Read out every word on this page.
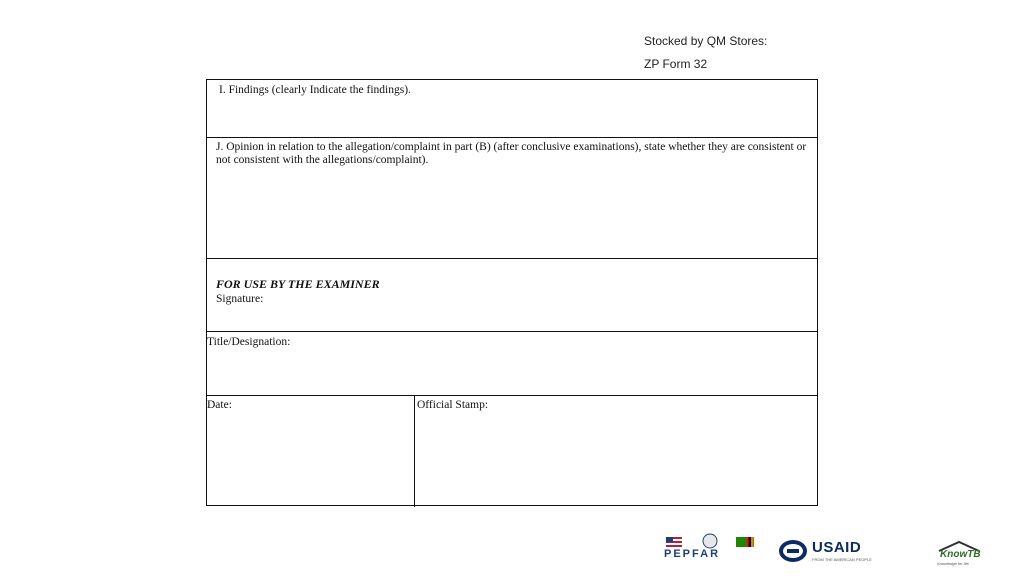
Stocked by QM Stores:
ZP Form 32
I. Findings (clearly Indicate the findings).
J. Opinion in relation to the allegation/complaint in part (B) (after conclusive examinations), state whether they are consistent or not consistent with the allegations/complaint).
FOR USE BY THE EXAMINER
Signature:
Title/Designation:
Date:	Official Stamp:
PEPFAR	USAID
FROM THE AMERICAN PEOPLE	KnowTB
Knowledge for life
